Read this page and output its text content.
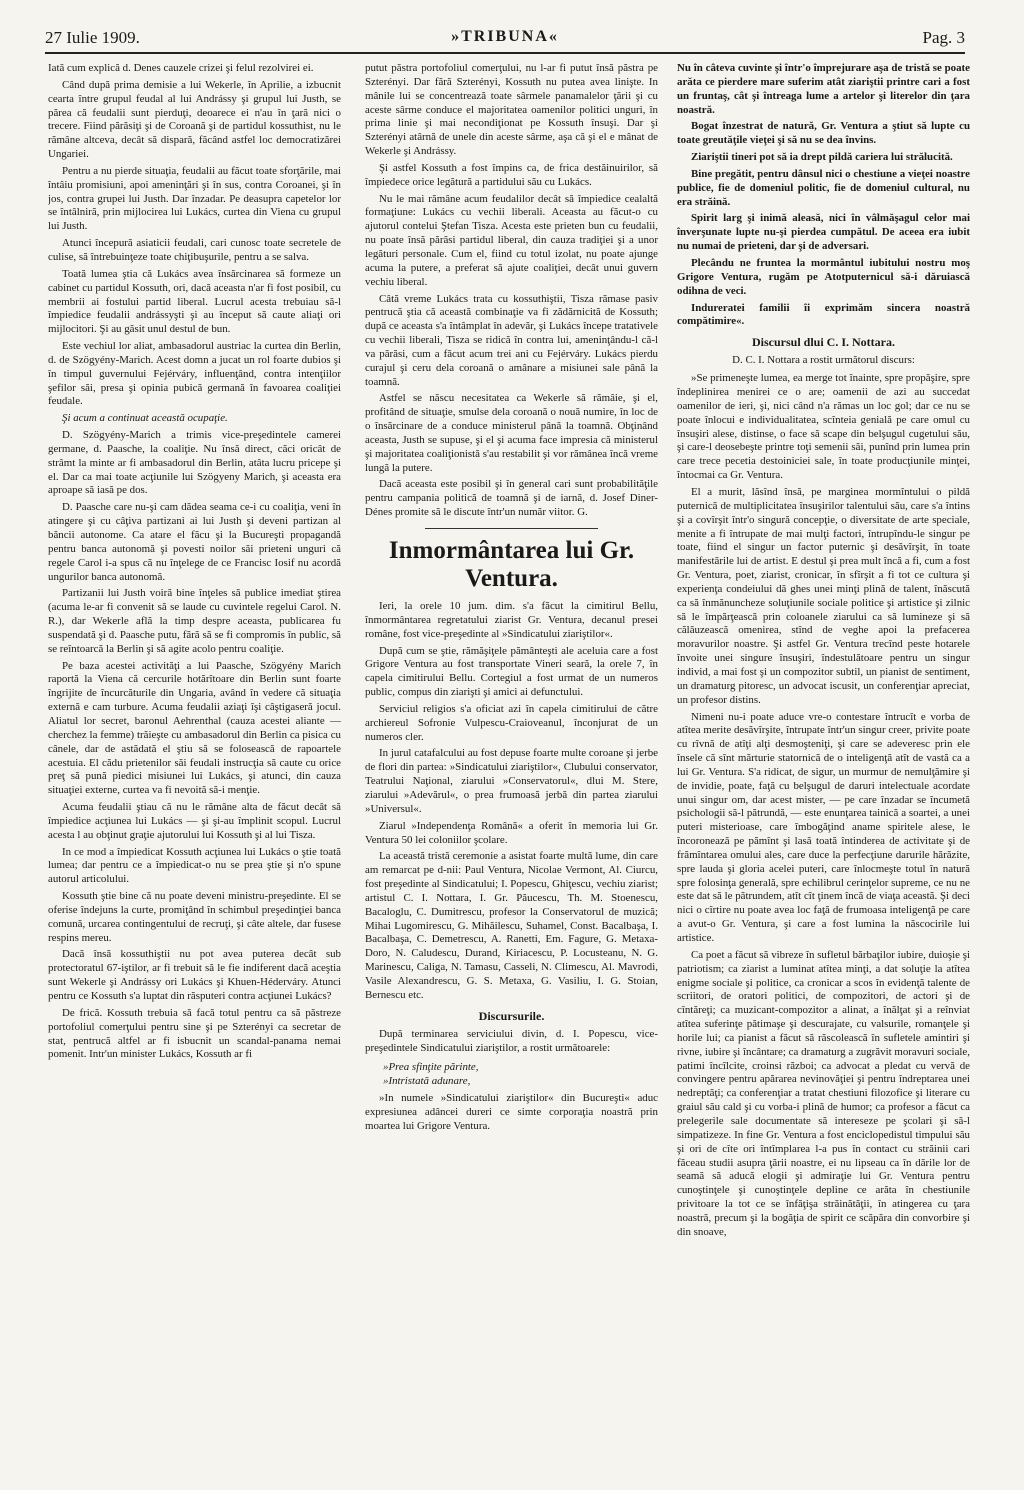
27 Iulie 1909.	»TRIBUNA«	Pag. 3

Iată cum explică d. Denes cauzele crizei şi felul rezolvirei ei.

Când după prima demisie a lui Wekerle, în Aprilie, a izbucnit cearta între grupul feudal al lui Andrássy şi grupul lui Justh, se părea că feudalii sunt pierduţi, deoarece ei n'au în ţară nici o trecere. Fiind părăsiţi şi de Coroană şi de partidul kossuthist, nu le rămâne altceva, decât să dispară, făcând astfel loc democratizărei Ungariei.

Pentru a nu pierde situaţia, feudalii au făcut toate sforţările, mai întâiu promisiuni, apoi ameninţări şi în sus, contra Coroanei, şi în jos, contra grupei lui Justh. Dar înzadar. Pe deasupra capetelor lor se întâlniră, prin mijlocirea lui Lukács, curtea din Viena cu grupul lui Justh.

Atunci începură asiaticii feudali, cari cunosc toate secretele de culise, să întrebuinţeze toate chiţibuşurile, pentru a se salva.

Toată lumea ştia că Lukács avea însărcinarea să formeze un cabinet cu partidul Kossuth, ori, dacă aceasta n'ar fi fost posibil, cu membrii ai fostului partid liberal. Lucrul acesta trebuiau să-l împiedice feudalii andrássyşti şi au început să caute aliaţi ori mijlocitori. Şi au găsit unul destul de bun.

Este vechiul lor aliat, ambasadorul austriac la curtea din Berlin, d. de Szögyény-Marich. Acest domn a jucat un rol foarte dubios şi în timpul guvernului Fejérváry, influenţând, contra intenţiilor şefilor săi, presa şi opinia pubică germană în favoarea coaliţiei feudale.

Şi acum a continuat această ocupaţie.

D. Szögyény-Marich a trimis vice-preşedintele camerei germane, d. Paasche, la coaliţie. Nu însă direct, căci oricât de strâmt la minte ar fi ambasadorul din Berlin, atâta lucru pricepe şi el. Dar ca mai toate acţiunile lui Szögyeny Marich, şi aceasta era aproape să iasă pe dos.

D. Paasche care nu-şi cam dădea seama ce-i cu coaliţia, veni în atingere şi cu câţiva partizani ai lui Justh şi deveni partizan al băncii autonome. Ca atare el făcu şi la Bucureşti propagandă pentru banca autonomă şi povesti noilor săi prieteni unguri că regele Carol i-a spus că nu înţelege de ce Francisc Iosif nu acordă ungurilor banca autonomă.

Partizanii lui Justh voiră bine înţeles să publice imediat ştirea (acuma le-ar fi convenit să se laude cu cuvintele regelui Carol. N. R.), dar Wekerle află la timp despre aceasta, publicarea fu suspendată şi d. Paasche putu, fără să se fi compromis în public, să se reîntoarcă la Berlin şi să agite acolo pentru coaliţie.

Pe baza acestei activităţi a lui Paasche, Szögyény Marich raportă la Viena că cercurile hotărîtoare din Berlin sunt foarte îngrijite de încurcăturile din Ungaria, având în vedere că situaţia externă e cam turbure. Acuma feudalii aziaţi îşi câştigaseră jocul. Aliatul lor secret, baronul Aehrenthal (cauza acestei aliante — cherchez la femme) trăieşte cu ambasadorul din Berlin ca pisica cu cânele, dar de astădată el ştiu să se folosească de rapoartele acestuia. El cădu prietenilor săi feudali instrucţia să caute cu orice preţ să pună piedici misiunei lui Lukács, şi atunci, din cauza situaţiei externe, curtea va fi nevoită să-i menţie.

Acuma feudalii ştiau că nu le rămâne alta de făcut decât să împiedice acţiunea lui Lukács — şi şi-au împlinit scopul. Lucrul acesta l au obţinut graţie ajutorului lui Kossuth şi al lui Tisza.

In ce mod a împiedicat Kossuth acţiunea lui Lukács o ştie toată lumea; dar pentru ce a împiedicat-o nu se prea ştie şi n'o spune autorul articolului.

Kossuth ştie bine că nu poate deveni ministru-preşedinte. El se oferise îndejuns la curte, promiţând în schimbul preşedinţiei banca comună, urcarea contingentului de recruţi, şi câte altele, dar fusese respins mereu.

Dacă însă kossuthiştii nu pot avea puterea decât sub protectoratul 67-iştilor, ar fi trebuit să le fie indiferent dacă aceştia sunt Wekerle şi Andrássy ori Lukács şi Khuen-Héderváry. Atunci pentru ce Kossuth s'a luptat din răsputeri contra acţiunei Lukács?

De frică. Kossuth trebuia să facă totul pentru ca să păstreze portofoliul comerţului pentru sine şi pe Szterényi ca secretar de stat, pentrucă altfel ar fi isbucnit un scandal-panama nemai pomenit. Intr'un minister Lukács, Kossuth ar fi

putut păstra portofoliul comerţului, nu l-ar fi putut însă păstra pe Szterényi. Dar fără Szterényi, Kossuth nu putea avea linişte. In mânile lui se concentrează toate sârmele panamalelor ţării şi cu aceste sârme conduce el majoritatea oamenilor politici unguri, în prima linie şi mai necondiţionat pe Kossuth însuşi. Dar şi Szterényi atârnă de unele din aceste sârme, aşa că şi el e mânat de Wekerle şi Andrássy.

Şi astfel Kossuth a fost împins ca, de frica destăinuirilor, să împiedece orice legătură a partidului său cu Lukács.

Nu le mai rămâne acum feudalilor decât să împiedice cealaltă formaţiune: Lukács cu vechii liberali. Aceasta au făcut-o cu ajutorul contelui Ştefan Tisza. Acesta este prieten bun cu feudalii, nu poate însă părăsi partidul liberal, din cauza tradiţiei şi a unor legături personale. Cum el, fiind cu totul izolat, nu poate ajunge acuma la putere, a preferat să ajute coaliţiei, decât unui guvern vechiu liberal.

Câtă vreme Lukács trata cu kossuthiştii, Tisza rămase pasiv pentrucă ştia că această combinaţie va fi zădărnicită de Kossuth; după ce aceasta s'a întâmplat în adevăr, şi Lukács începe tratativele cu vechii liberali, Tisza se ridică în contra lui, ameninţându-l că-l va părăsi, cum a făcut acum trei ani cu Fejérváry. Lukács pierdu curajul şi ceru dela coroană o amânare a misiunei sale până la toamnă.

Astfel se născu necesitatea ca Wekerle să rămâie, şi el, profitând de situaţie, smulse dela coroană o nouă numire, în loc de o însărcinare de a conduce ministerul până la toamnă. Obţinând aceasta, Justh se supuse, şi el şi acuma face impresia că ministerul şi majoritatea coaliţionistă s'au restabilit şi vor rămânea încă vreme lungă la putere.

Dacă aceasta este posibil şi în general cari sunt probabilităţile pentru campania politică de toamnă şi de iarnă, d. Josef Diner-Dénes promite să le discute într'un număr viitor. G.

Inmormântarea lui Gr. Ventura.

Ieri, la orele 10 jum. dim. s'a făcut la cimitirul Bellu, înmormântarea regretatului ziarist Gr. Ventura, decanul presei române, fost vice-preşedinte al »Sindicatului ziariştilor«.

După cum se ştie, rămăşiţele pământeşti ale aceluia care a fost Grigore Ventura au fost transportate Vineri seară, la orele 7, în capela cimitirului Bellu. Cortegiul a fost urmat de un numeros public, compus din ziarişti şi amici ai defunctului.

Serviciul religios s'a oficiat azi în capela cimitirului de către archiereul Sofronie Vulpescu-Craioveanul, înconjurat de un numeros cler.

In jurul catafalcului au fost depuse foarte multe coroane şi jerbe de flori din partea: »Sindicatului ziariştilor«, Clubului conservator, Teatrului Naţional, ziarului »Conservatorul«, dlui M. Stere, ziarului »Adevărul«, o prea frumoasă jerbă din partea ziarului »Universul«.

Ziarul »Independenţa Română« a oferit în memoria lui Gr. Ventura 50 lei coloniilor şcolare.

La această tristă ceremonie a asistat foarte multă lume, din care am remarcat pe d-nii: Paul Ventura, Nicolae Vermont, Al. Ciurcu, fost preşedinte al Sindicatului; I. Popescu, Ghiţescu, vechiu ziarist; artistul C. I. Nottara, I. Gr. Păucescu, Th. M. Stoenescu, Bacaloglu, C. Dumitrescu, profesor la Conservatorul de muzică; Mihai Lugomirescu, G. Mihăilescu, Suhamel, Const. Bacalbaşa, I. Bacalbaşa, C. Demetrescu, A. Ranetti, Em. Fagure, G. Metaxa-Doro, N. Caludescu, Durand, Kiriacescu, P. Locusteanu, N. G. Marinescu, Caliga, N. Tamasu, Casseli, N. Climescu, Al. Mavrodi, Vasile Alexandrescu, G. S. Metaxa, G. Vasiliu, I. G. Stoian, Bernescu etc.

Discursurile.

După terminarea serviciului divin, d. I. Popescu, vice-preşedintele Sindicatului ziariştilor, a rostit următoarele:

»Prea sfinţite părinte,
»Intristată adunare,

»In numele »Sindicatului ziariştilor« din Bucureşti« aduc expresiunea adâncei dureri ce simte corporaţia noastră prin moartea lui Grigore Ventura.

Nu în câteva cuvinte şi într'o împrejurare aşa de tristă se poate arăta ce pierdere mare suferim atât ziariştii printre cari a fost un fruntaş, cât şi întreaga lume a artelor şi literelor din ţara noastră.

Bogat înzestrat de natură, Gr. Ventura a ştiut să lupte cu toate greutăţile vieţei şi să nu se dea învins.

Ziariştii tineri pot să ia drept pildă cariera lui strălucită.

Bine pregătit, pentru dânsul nici o chestiune a vieţei noastre publice, fie de domeniul politic, fie de domeniul cultural, nu era străină.

Spirit larg şi inimă aleasă, nici în vâlmăşagul celor mai înverşunate lupte nu-şi pierdea cumpătul. De aceea era iubit nu numai de prieteni, dar şi de adversari.

Plecându ne fruntea la mormântul iubitului nostru moş Grigore Ventura, rugăm pe Atotputernicul să-i dăruiască odihna de veci.

Indureratei familii îi exprimăm sincera noastră compătimire«.

Discursul dlui C. I. Nottara.
D. C. I. Nottara a rostit următorul discurs:

»Se primeneşte lumea, ea merge tot înainte, spre propăşire, spre îndeplinirea menirei ce o are; oamenii de azi au succedat oamenilor de ieri, şi, nici când n'a rămas un loc gol; dar ce nu se poate înlocui e individualitatea, scînteia genială pe care omul cu însuşiri alese, distinse, o face să scape din belşugul cugetului său, şi care-l deosebeşte printre toţi semenii săi, punînd prin lumea prin care trece pecetia destoiniciei sale, în toate producţiunile minţei, întocmai ca Gr. Ventura.

El a murit, lăsînd însă, pe marginea mormîntului o pildă puternică de multiplicitatea însuşirilor talentului său, care s'a întins şi a covîrşit într'o singură concepţie, o diversitate de arte speciale, menite a fi întrupate de mai mulţi factori, întrupîndu-le singur pe toate, fiind el singur un factor puternic şi desăvîrşit, în toate manifestările lui de artist. E destul şi prea mult încă a fi, cum a fost Gr. Ventura, poet, ziarist, cronicar, în sfîrşit a fi tot ce cultura şi experienţa condeiului dă ghes unei minţi plină de talent, înăscută ca să înmănuncheze soluţiunile sociale politice şi artistice şi zilnic să le împărţească prin coloanele ziarului ca să lumineze şi să călăuzească omenirea, stînd de veghe apoi la prefacerea moravurilor noastre. Şi astfel Gr. Ventura trecînd peste hotarele învoite unei singure însuşiri, îndestulătoare pentru un singur individ, a mai fost şi un compozitor subtil, un pianist de sentiment, un dramaturg pitoresc, un advocat iscusit, un conferenţiar apreciat, un profesor distins.

Nimeni nu-i poate aduce vre-o contestare întrucît e vorba de atîtea merite desăvîrşite, întrupate într'un singur creer, privite poate cu rîvnă de atîţi alţi desmoşteniţi, şi care se adeveresc prin ele însele că sînt mărturie statornică de o inteligenţă atît de vastă ca a lui Gr. Ventura. S'a ridicat, de sigur, un murmur de nemulţămire şi de invidie, poate, faţă cu belşugul de daruri intelectuale acordate unui singur om, dar acest mister, — pe care înzadar se încumetă psichologii să-l pătrundă, — este enunţarea tainică a soartei, a unei puteri misterioase, care îmbogăţind aname spiritele alese, le încoronează pe pămînt şi lasă toată întinderea de activitate şi de frămîntarea omului ales, care duce la perfecţiune darurile hărăzite, spre lauda şi gloria acelei puteri, care înlocmeşte totul în natură spre folosinţa generală, spre echilibrul cerinţelor supreme, ce nu ne este dat să le pătrundem, atît cît ţinem încă de viaţa această. Şi deci nici o cîrtire nu poate avea loc faţă de frumoasa inteligenţă pe care a avut-o Gr. Ventura, şi care a fost lumina la născocirile lui artistice.

Ca poet a făcut să vibreze în sufletul bărbaţilor iubire, duioşie şi patriotism; ca ziarist a luminat atîtea minţi, a dat soluţie la atîtea enigme sociale şi politice, ca cronicar a scos în evidenţă talente de scriitori, de oratori politici, de compozitori, de actori şi de cîntăreţi; ca muzicant-compozitor a alinat, a înălţat şi a reînviat atîtea suferinţe pătimaşe şi descurajate, cu valsurile, romanţele şi horile lui; ca pianist a făcut să răscolească în sufletele amintiri şi rivne, iubire şi încântare; ca dramaturg a zugrăvit moravuri sociale, patimi încîlcite, croinsi război; ca advocat a pledat cu vervă de convingere pentru apărarea nevinovăţiei şi pentru îndreptarea unei nedreptăţi; ca conferenţiar a tratat chestiuni filozofice şi literare cu graiul său cald şi cu vorba-i plină de humor; ca profesor a făcut ca prelegerile sale documentate să intereseze pe şcolari şi să-l simpatizeze. In fine Gr. Ventura a fost enciclopedistul timpului său şi ori de cîte ori întîmplarea l-a pus în contact cu străinii cari făceau studii asupra ţării noastre, ei nu lipseau ca în dările lor de seamă să aducă elogii şi admiraţie lui Gr. Ventura pentru cunoştinţele şi cunoştinţele depline ce arăta în chestiunile privitoare la tot ce se înfăţişa străinătăţii, în atingerea cu ţara noastră, precum şi la bogăţia de spirit ce scăpăra din convorbire şi din snoave,
